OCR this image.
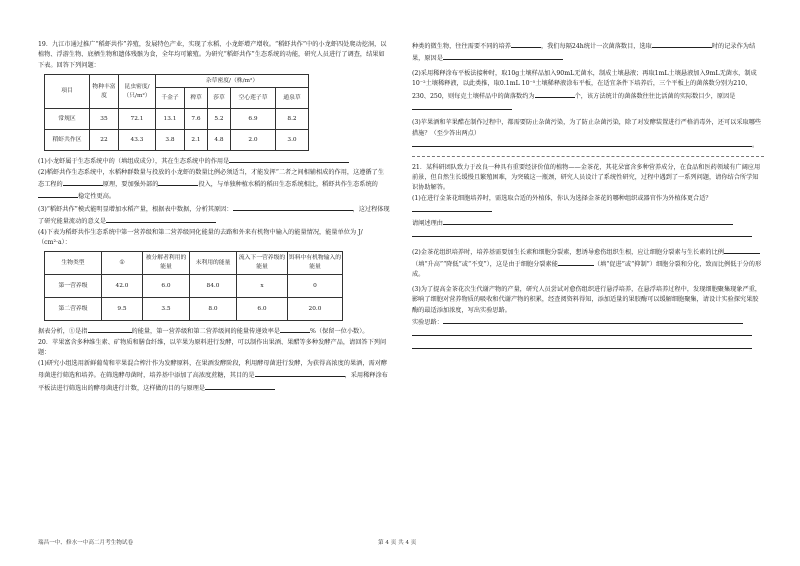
19．九江市通过推广“稻虾共作”养殖，发展特色产业，实现了水稻、小龙虾增产增收。“稻虾共作”中的小龙虾四处爬动挖洞，以植物、浮游生物、底栖生物和遗体残骸为食，全年均可繁殖。为研究“稻虾共作”生态系统的功能，研究人员进行了调查，结果如下表。回答下列问题：

项目	物种丰富度	昆虫密度/（只/m²）	杂草密度/（株/m²）				
			千金子	稗草	莎草	空心莲子草	通泉草
常规区	35	72.1	13.1	7.6	5.2	6.9	8.2
稻虾共作区	22	43.3	3.8	2.1	4.8	2.0	3.0

(1)小龙虾属于生态系统中的（填组成成分），其在生态系统中的作用是

(2)稻虾共作生态系统中，水稻种群数量与投放的小龙虾的数量比例必须适当，才能发挥“二者之间相辅相成的作用，这遵循了生态工程的	原理，要加强外部的	投入，与单独种植水稻的稻田生态系统相比，稻虾共作生态系统的稳定性更高。

(3)“稻虾共作”模式能明显增加水稻产量，根据表中数据，分析其原因：	，这过程体现了研究能量流动的意义是

(4)下表为稻虾共作生态系统中第一营养级和第二营养级同化能量的去路和外来有机物中输入的能量情况，能量单位为 J/（cm²·a）：

生物类型	①	被分解者利用的能量	未利用的能量	流入下一营养级的能量	饵料中有机物输入的能量
第一营养级	42.0	6.0	84.0	x	0
第二营养级	9.5	3.5	8.0	6.0	20.0

据表分析，①是指	的能量，第一营养级和第二营养级间的能量传递效率是	%（保留一位小数）。

20．苹果富含多种维生素、矿物质和膳食纤维，以苹果为原料进行发酵，可以制作出果酒、果醋等多种发酵产品，请回答下列问题：

(1)研究小组选用新鲜葡萄和苹果混合榨汁作为发酵原料，在果酒发酵阶段，利用酵母菌进行发酵，为获得高浓度的果酒，需对酵母菌进行筛选和培养。在筛选酵母菌时，培养基中添加了高浓度蔗糖，其目的是	，采用稀释涂布平板法进行筛选出的酵母菌进行计数，这样做的目的与原理是

种类的微生物，往往需要不同的培养	，我们每隔24h统计一次菌落数目，选取	时的记录作为结果，原因是

(2)采用稀释涂布平板法接种时，取10g土壤样品加入90mL无菌水，制成土壤悬液；再取1mL土壤悬液加入9mL无菌水，制成10⁻²土壤稀释液，以此类推，取0.1mL 10⁻⁵土壤稀释液涂布平板，在适宜条件下培养后，三个平板上的菌落数分别为210、230、250，则每克土壤样品中的菌落数约为	个，该方法统计的菌落数往往比活菌的实际数目少，原因是

(3)苹果酒和苹果醋在制作过程中，都需要防止杂菌污染，为了防止杂菌污染，除了对发酵装置进行严格消毒外，还可以采取哪些措施？（至少答出两点）

。

21．某科研团队致力于改良一种具有重要经济价值的植物——金茶花，其花朵富含多种营养成分，在食品和医药领域有广阔应用前景，但自然生长缓慢且繁殖困难，为突破这一瓶颈，研究人员设计了系统性研究，过程中遇到了一系列问题，请你结合所学知识协助解答。

(1)在进行金茶花细胞培养时，需选取合适的外植体，你认为选择金茶花的哪种组织或器官作为外植体更合适？

请阐述理由

(2)金茶花组织培养时，培养基需要加生长素和细胞分裂素，想诱导愈伤组织生根，应让细胞分裂素与生长素的比例（填“升高”“降低”或“不变”），这是由于细胞分裂素能	（填“促进”或“抑制”）细胞分裂和分化，致而比例低于分的形成。

(3)为了提高金茶花次生代谢产物的产量，研究人员尝试对愈伤组织进行悬浮培养，在悬浮培养过程中，发现细胞聚集现象严重，影响了细胞对营养物质的吸收和代谢产物的积累，经查阅资料得知，添加适量的果胶酶可以缓解细胞聚集，请设计实验探究果胶酶的最适添加浓度，写出实验思路。

实验思路：

瑞昌一中、修水一中高二月考生物试卷	第 4 页 共 4 页
